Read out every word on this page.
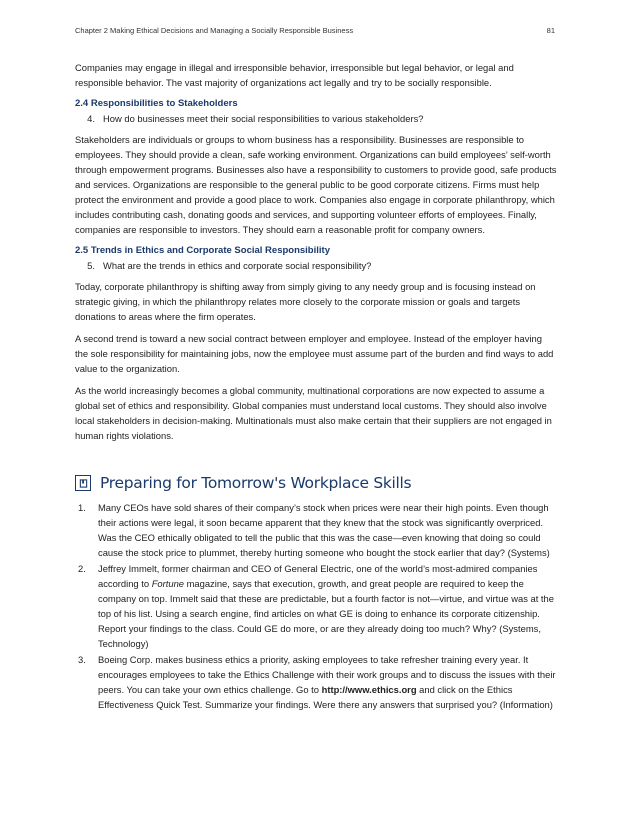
Chapter 2 Making Ethical Decisions and Managing a Socially Responsible Business	81

Companies may engage in illegal and irresponsible behavior, irresponsible but legal behavior, or legal and responsible behavior. The vast majority of organizations act legally and try to be socially responsible.

2.4 Responsibilities to Stakeholders
4. How do businesses meet their social responsibilities to various stakeholders?

Stakeholders are individuals or groups to whom business has a responsibility. Businesses are responsible to employees. They should provide a clean, safe working environment. Organizations can build employees’ self-worth through empowerment programs. Businesses also have a responsibility to customers to provide good, safe products and services. Organizations are responsible to the general public to be good corporate citizens. Firms must help protect the environment and provide a good place to work. Companies also engage in corporate philanthropy, which includes contributing cash, donating goods and services, and supporting volunteer efforts of employees. Finally, companies are responsible to investors. They should earn a reasonable profit for company owners.

2.5 Trends in Ethics and Corporate Social Responsibility
5. What are the trends in ethics and corporate social responsibility?

Today, corporate philanthropy is shifting away from simply giving to any needy group and is focusing instead on strategic giving, in which the philanthropy relates more closely to the corporate mission or goals and targets donations to areas where the firm operates.

A second trend is toward a new social contract between employer and employee. Instead of the employer having the sole responsibility for maintaining jobs, now the employee must assume part of the burden and find ways to add value to the organization.

As the world increasingly becomes a global community, multinational corporations are now expected to assume a global set of ethics and responsibility. Global companies must understand local customs. They should also involve local stakeholders in decision-making. Multinationals must also make certain that their suppliers are not engaged in human rights violations.

Preparing for Tomorrow's Workplace Skills
1.	Many CEOs have sold shares of their company’s stock when prices were near their high points. Even though their actions were legal, it soon became apparent that they knew that the stock was significantly overpriced. Was the CEO ethically obligated to tell the public that this was the case—even knowing that doing so could cause the stock price to plummet, thereby hurting someone who bought the stock earlier that day? (Systems)
2.	Jeffrey Immelt, former chairman and CEO of General Electric, one of the world’s most-admired companies according to Fortune magazine, says that execution, growth, and great people are required to keep the company on top. Immelt said that these are predictable, but a fourth factor is not—virtue, and virtue was at the top of his list. Using a search engine, find articles on what GE is doing to enhance its corporate citizenship. Report your findings to the class. Could GE do more, or are they already doing too much? Why? (Systems, Technology)
3.	Boeing Corp. makes business ethics a priority, asking employees to take refresher training every year. It encourages employees to take the Ethics Challenge with their work groups and to discuss the issues with their peers. You can take your own ethics challenge. Go to http://www.ethics.org and click on the Ethics Effectiveness Quick Test. Summarize your findings. Were there any answers that surprised you? (Information)
